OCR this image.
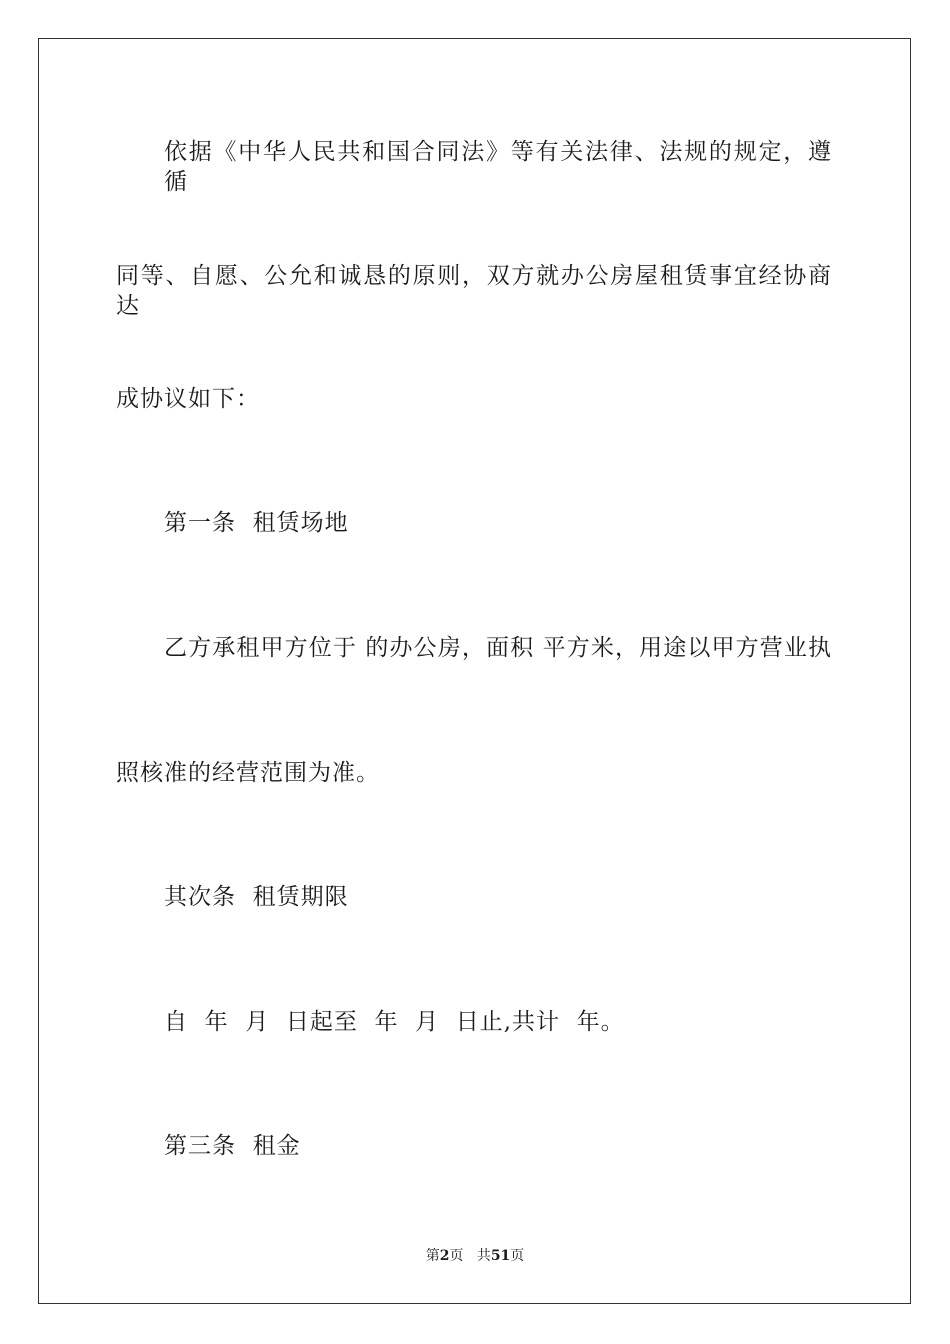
依据《中华人民共和国合同法》等有关法律、法规的规定，遵循
同等、自愿、公允和诚恳的原则，双方就办公房屋租赁事宜经协商达
成协议如下：
第一条  租赁场地
乙方承租甲方位于 的办公房，面积 平方米，用途以甲方营业执
照核准的经营范围为准。
其次条  租赁期限
自  年  月  日起至  年  月  日止,共计  年。
第三条  租金
第2页 共51页
